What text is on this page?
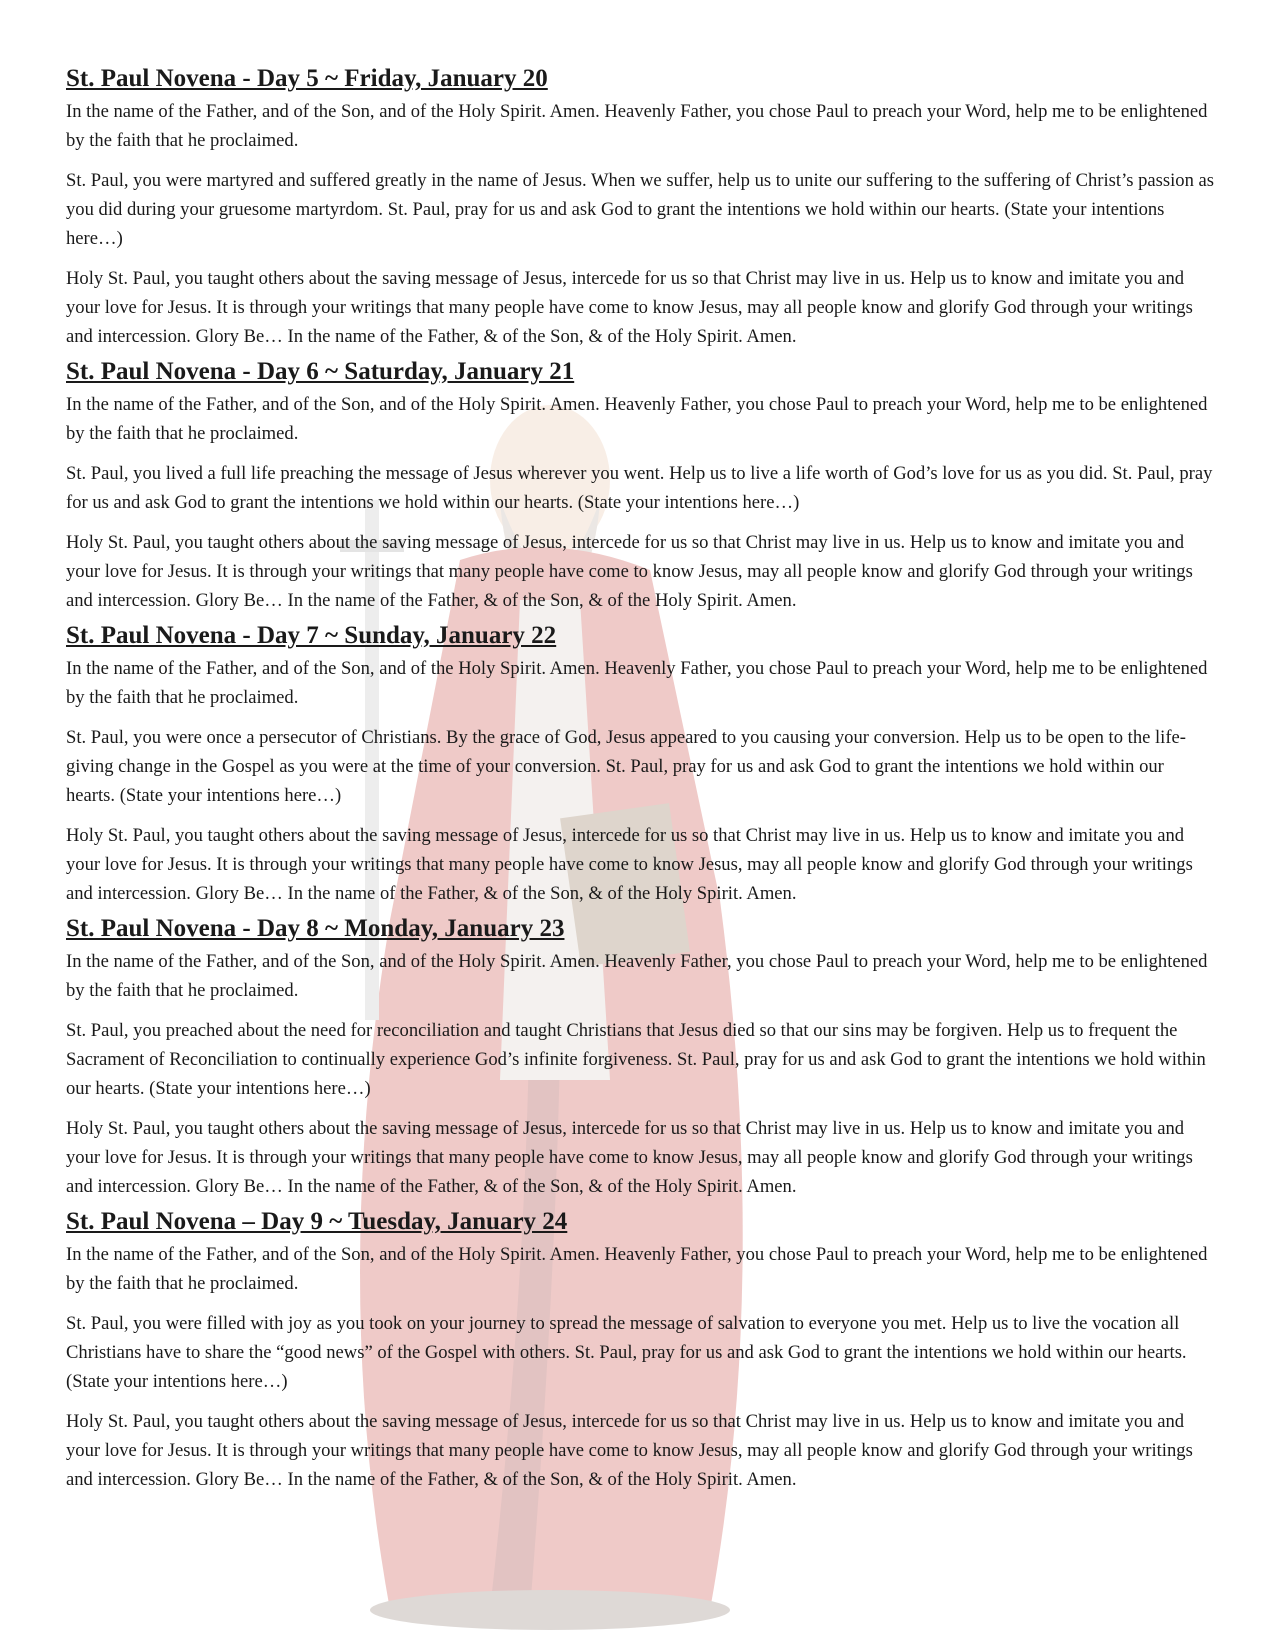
St. Paul Novena - Day 5 ~ Friday, January 20

In the name of the Father, and of the Son, and of the Holy Spirit. Amen. Heavenly Father, you chose Paul to preach your Word, help me to be enlightened by the faith that he proclaimed.

St. Paul, you were martyred and suffered greatly in the name of Jesus. When we suffer, help us to unite our suffering to the suffering of Christ’s passion as you did during your gruesome martyrdom. St. Paul, pray for us and ask God to grant the intentions we hold within our hearts. (State your intentions here…)

Holy St. Paul, you taught others about the saving message of Jesus, intercede for us so that Christ may live in us. Help us to know and imitate you and your love for Jesus. It is through your writings that many people have come to know Jesus, may all people know and glorify God through your writings and intercession. Glory Be… In the name of the Father, & of the Son, & of the Holy Spirit. Amen.

St. Paul Novena - Day 6 ~ Saturday, January 21

In the name of the Father, and of the Son, and of the Holy Spirit. Amen. Heavenly Father, you chose Paul to preach your Word, help me to be enlightened by the faith that he proclaimed.

St. Paul, you lived a full life preaching the message of Jesus wherever you went. Help us to live a life worth of God’s love for us as you did. St. Paul, pray for us and ask God to grant the intentions we hold within our hearts. (State your intentions here…)

Holy St. Paul, you taught others about the saving message of Jesus, intercede for us so that Christ may live in us. Help us to know and imitate you and your love for Jesus. It is through your writings that many people have come to know Jesus, may all people know and glorify God through your writings and intercession. Glory Be… In the name of the Father, & of the Son, & of the Holy Spirit. Amen.

St. Paul Novena - Day 7 ~ Sunday, January 22

In the name of the Father, and of the Son, and of the Holy Spirit. Amen. Heavenly Father, you chose Paul to preach your Word, help me to be enlightened by the faith that he proclaimed.

St. Paul, you were once a persecutor of Christians. By the grace of God, Jesus appeared to you causing your conversion. Help us to be open to the life-giving change in the Gospel as you were at the time of your conversion. St. Paul, pray for us and ask God to grant the intentions we hold within our hearts. (State your intentions here…)

Holy St. Paul, you taught others about the saving message of Jesus, intercede for us so that Christ may live in us. Help us to know and imitate you and your love for Jesus. It is through your writings that many people have come to know Jesus, may all people know and glorify God through your writings and intercession. Glory Be… In the name of the Father, & of the Son, & of the Holy Spirit. Amen.

St. Paul Novena - Day 8 ~ Monday, January 23

In the name of the Father, and of the Son, and of the Holy Spirit. Amen. Heavenly Father, you chose Paul to preach your Word, help me to be enlightened by the faith that he proclaimed.

St. Paul, you preached about the need for reconciliation and taught Christians that Jesus died so that our sins may be forgiven. Help us to frequent the Sacrament of Reconciliation to continually experience God’s infinite forgiveness. St. Paul, pray for us and ask God to grant the intentions we hold within our hearts. (State your intentions here…)

Holy St. Paul, you taught others about the saving message of Jesus, intercede for us so that Christ may live in us. Help us to know and imitate you and your love for Jesus. It is through your writings that many people have come to know Jesus, may all people know and glorify God through your writings and intercession. Glory Be… In the name of the Father, & of the Son, & of the Holy Spirit. Amen.

St. Paul Novena – Day 9 ~ Tuesday, January 24

In the name of the Father, and of the Son, and of the Holy Spirit. Amen. Heavenly Father, you chose Paul to preach your Word, help me to be enlightened by the faith that he proclaimed.

St. Paul, you were filled with joy as you took on your journey to spread the message of salvation to everyone you met. Help us to live the vocation all Christians have to share the “good news” of the Gospel with others. St. Paul, pray for us and ask God to grant the intentions we hold within our hearts. (State your intentions here…)

Holy St. Paul, you taught others about the saving message of Jesus, intercede for us so that Christ may live in us. Help us to know and imitate you and your love for Jesus. It is through your writings that many people have come to know Jesus, may all people know and glorify God through your writings and intercession. Glory Be… In the name of the Father, & of the Son, & of the Holy Spirit. Amen.
